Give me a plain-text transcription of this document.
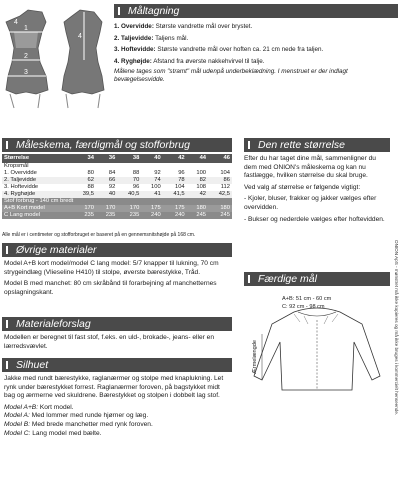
1
2
3
4
4
Måltagning

1. Overvidde: Største vandrette mål over brystet.

2. Taljevidde: Taljens mål.

3. Hoftevidde: Største vandrette mål over hoften ca. 21 cm nede fra taljen.

4. Ryghøjde: Afstand fra øverste nakkehvirvel til talje.

Målene tages som "stramt" mål udenpå underbeklædning. I menstruet er der indlagt bevægelsesvidde.

Måleskema, færdigmål og stofforbrug
Størrelse	34	36	38	40	42	44	46
Kropsmål							
1. Overvidde	80	84	88	92	96	100	104
2. Taljevidde	62	66	70	74	78	82	86
3. Hoftevidde	88	92	96	100	104	108	112
4. Ryghøjde	39,5	40	40,5	41	41,5	42	42,5
Stof forbrug - 140 cm bredt							
A+B Kort model	170	170	170	175	175	180	180
C Lang model	235	235	235	240	240	245	245
Alle mål er i centimeter og stofforbruget er baseret på en gennemsnitshøjde på 168 cm.
Øvrige materialer

Model A+B kort model/model C lang model: 5/7 knapper til lukning, 70 cm strygeindlæg (Vlieseline H410) til stolpe, øverste bærestykke, Tråd.

Model B med manchet: 80 cm skråbånd til forarbejning af manchetternes opslagningskant.

Materialeforslag

Modellen er beregnet til fast stof, f.eks. en uld-, brokade-, jeans- eller en lærredsvævlet.

Silhuet

Jakke med rundt bærestykke, raglanærmer og stolpe med knaplukning. Let rynk under bærestykket forrest. Raglanærmer foroven, på bagstykket midt bag og ærmerne ved skuldrene. Bærestykket og stolpen i dobbelt lag stof.

Model A+B: Kort model.

Model A: Med lommer med runde hjørner og læg.

Model B: Med brede manchetter med rynk foroven.

Model C: Lang model med bælte.

Den rette størrelse

Efter du har taget dine mål, sammenligner du dem med ONION's måleskema og kan nu fastlægge, hvilken størrelse du skal bruge.

Ved valg af størrelse er følgende vigtigt:

- Kjoler, bluser, frakker og jakker vælges efter overvidden.
- Bukser og nederdele vælges efter hoftevidden.
Færdige mål
A+B: 51 cm - 60 cm
C: 92 cm - 98 cm
Ærmelængde	ONION ApS - mønstret må ikke kopieres og må ikke bruges i kommercielt henseende.
